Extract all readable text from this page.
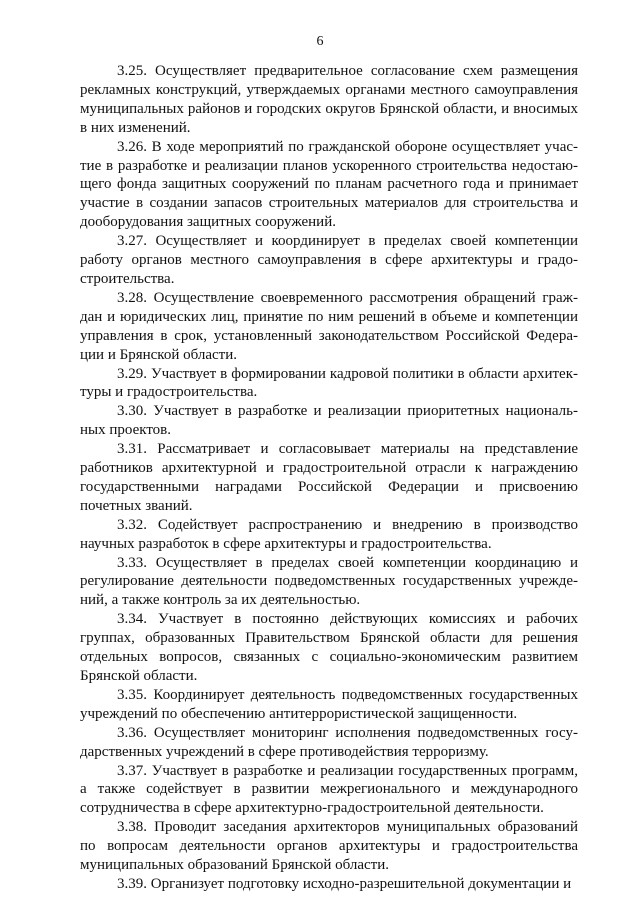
6
3.25. Осуществляет предварительное согласование схем размещения
рекламных конструкций, утверждаемых органами местного самоуправления
муниципальных районов и городских округов Брянской области, и вносимых
в них изменений.
3.26. В ходе мероприятий по гражданской обороне осуществляет учас-
тие в разработке и реализации планов ускоренного строительства недостаю-
щего фонда защитных сооружений по планам расчетного года и принимает
участие в создании запасов строительных материалов для строительства и
дооборудования защитных сооружений.
3.27. Осуществляет и координирует в пределах своей компетенции
работу органов местного самоуправления в сфере архитектуры и градо-
строительства.
3.28. Осуществление своевременного рассмотрения обращений граж-
дан и юридических лиц, принятие по ним решений в объеме и компетенции
управления в срок, установленный законодательством Российской Федера-
ции и Брянской области.
3.29. Участвует в формировании кадровой политики в области архитек-
туры и градостроительства.
3.30. Участвует в разработке и реализации приоритетных националь-
ных проектов.
3.31. Рассматривает и согласовывает материалы на представление
работников архитектурной и градостроительной отрасли к награждению
государственными наградами Российской Федерации и присвоению
почетных званий.
3.32. Содействует распространению и внедрению в производство
научных разработок в сфере архитектуры и градостроительства.
3.33. Осуществляет в пределах своей компетенции координацию и
регулирование деятельности подведомственных государственных учрежде-
ний, а также контроль за их деятельностью.
3.34. Участвует в постоянно действующих комиссиях и рабочих
группах, образованных Правительством Брянской области для решения
отдельных вопросов, связанных с социально-экономическим развитием
Брянской области.
3.35. Координирует деятельность подведомственных государственных
учреждений по обеспечению антитеррористической защищенности.
3.36. Осуществляет мониторинг исполнения подведомственных госу-
дарственных учреждений в сфере противодействия терроризму.
3.37. Участвует в разработке и реализации государственных программ,
а также содействует в развитии межрегионального и международного
сотрудничества в сфере архитектурно-градостроительной деятельности.
3.38. Проводит заседания архитекторов муниципальных образований
по вопросам деятельности органов архитектуры и градостроительства
муниципальных образований Брянской области.
3.39. Организует подготовку исходно-разрешительной документации и
